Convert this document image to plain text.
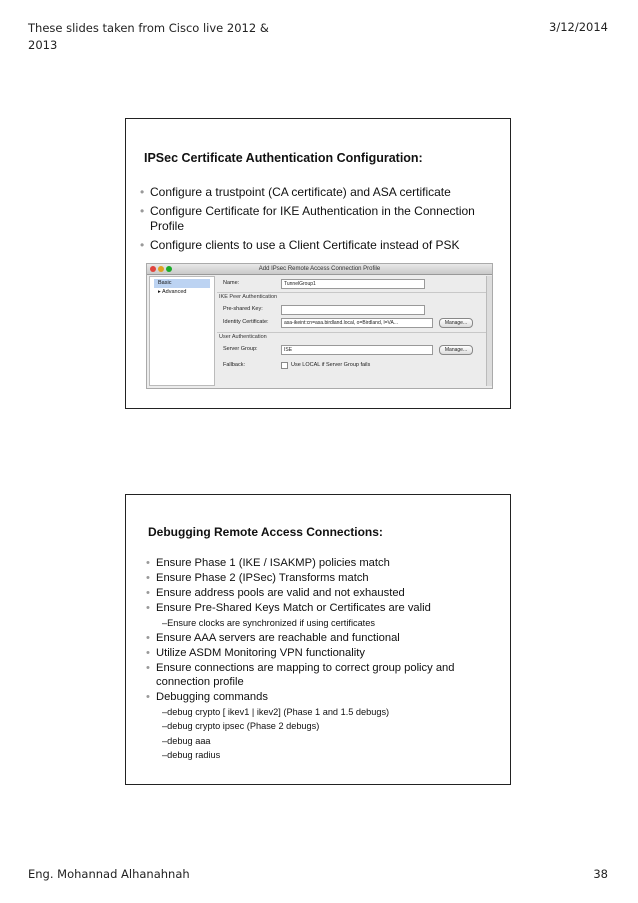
These slides taken from Cisco live 2012 & 2013
3/12/2014
IPSec Certificate Authentication Configuration:
• Configure a trustpoint (CA certificate) and ASA certificate
• Configure Certificate for IKE Authentication in the Connection Profile
• Configure clients to use a Client Certificate instead of PSK
Add IPsec Remote Access Connection Profile
Basic
▸ Advanced
Name:	TunnelGroup1
IKE Peer Authentication
Pre-shared Key:
Identity Certificate:	asa-ikeint:cn=asa.birdland.local, o=Birdland, l=VA...	Manage...
User Authentication
Server Group:	ISE	Manage...
Fallback:	Use LOCAL if Server Group fails
Debugging Remote Access Connections:
• Ensure Phase 1 (IKE / ISAKMP) policies match
• Ensure Phase 2 (IPSec) Transforms match
• Ensure address pools are valid and not exhausted
• Ensure Pre-Shared Keys Match or Certificates are valid
–Ensure clocks are synchronized if using certificates
• Ensure AAA servers are reachable and functional
• Utilize ASDM Monitoring VPN functionality
• Ensure connections are mapping to correct group policy and connection profile
• Debugging commands
–debug crypto [ ikev1 | ikev2] (Phase 1 and 1.5 debugs)
–debug crypto ipsec (Phase 2 debugs)
–debug aaa
–debug radius
Eng. Mohannad Alhanahnah	38
